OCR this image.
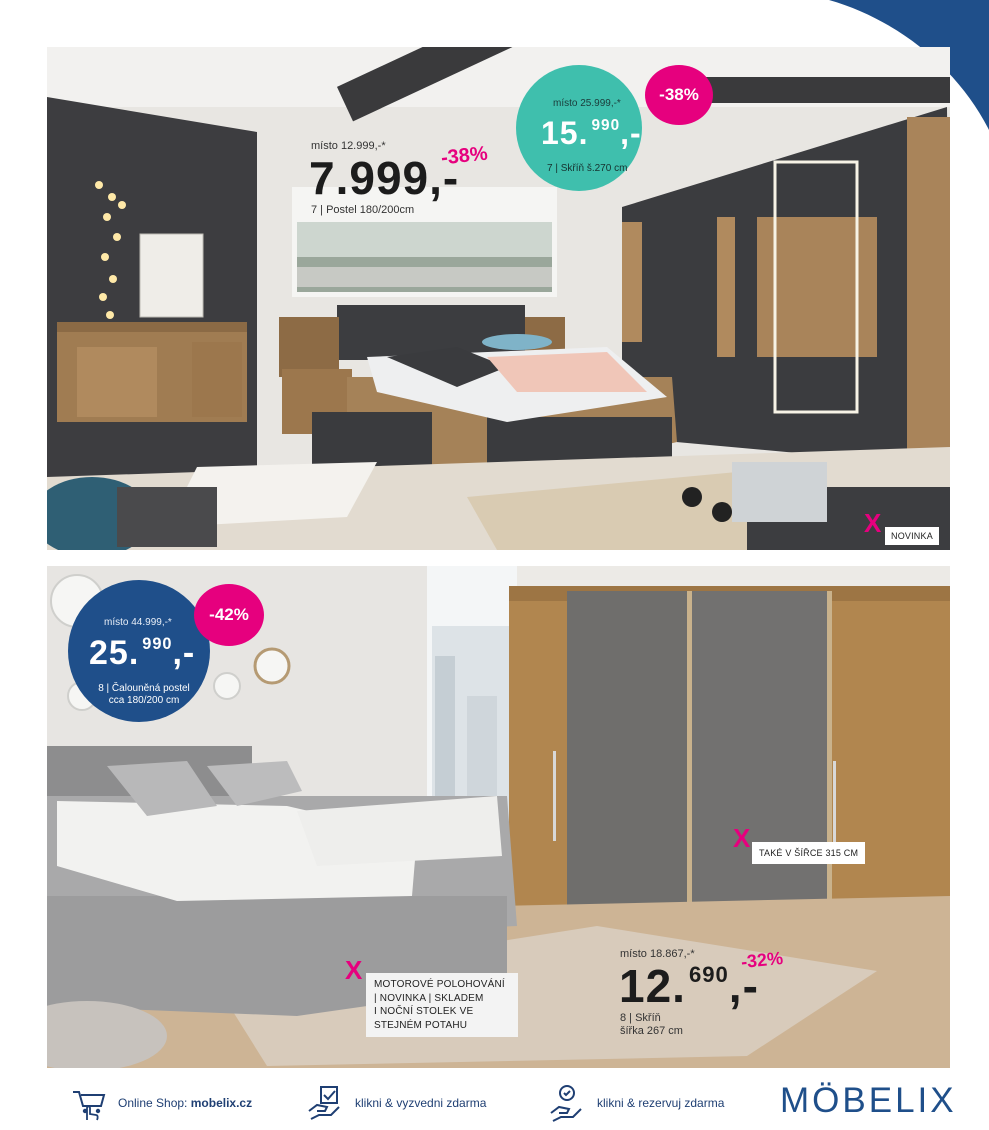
místo 12.999,-*
7.999,-
-38%
7 | Postel 180/200cm
místo 25.999,-*
15. $^{990}$,-
7 | Skříň š.270 cm
-38%
X	NOVINKA
místo 44.999,-*
25. $^{990}$,-
8 | Čalouněná postel
cca 180/200 cm
-42%
X TAKÉ V ŠÍŘCE 315 CM
X MOTOROVÉ POLOHOVÁNÍ
| NOVINKA | SKLADEM
I NOČNÍ STOLEK VE
STEJNÉM POTAHU
místo 18.867,-*
12. $^{690}$,-
-32%
8 | Skříň
šířka 267 cm
Online Shop: mobelix.cz	klikni & vyzvedni zdarma	klikni & rezervuj zdarma MÖBELIX
